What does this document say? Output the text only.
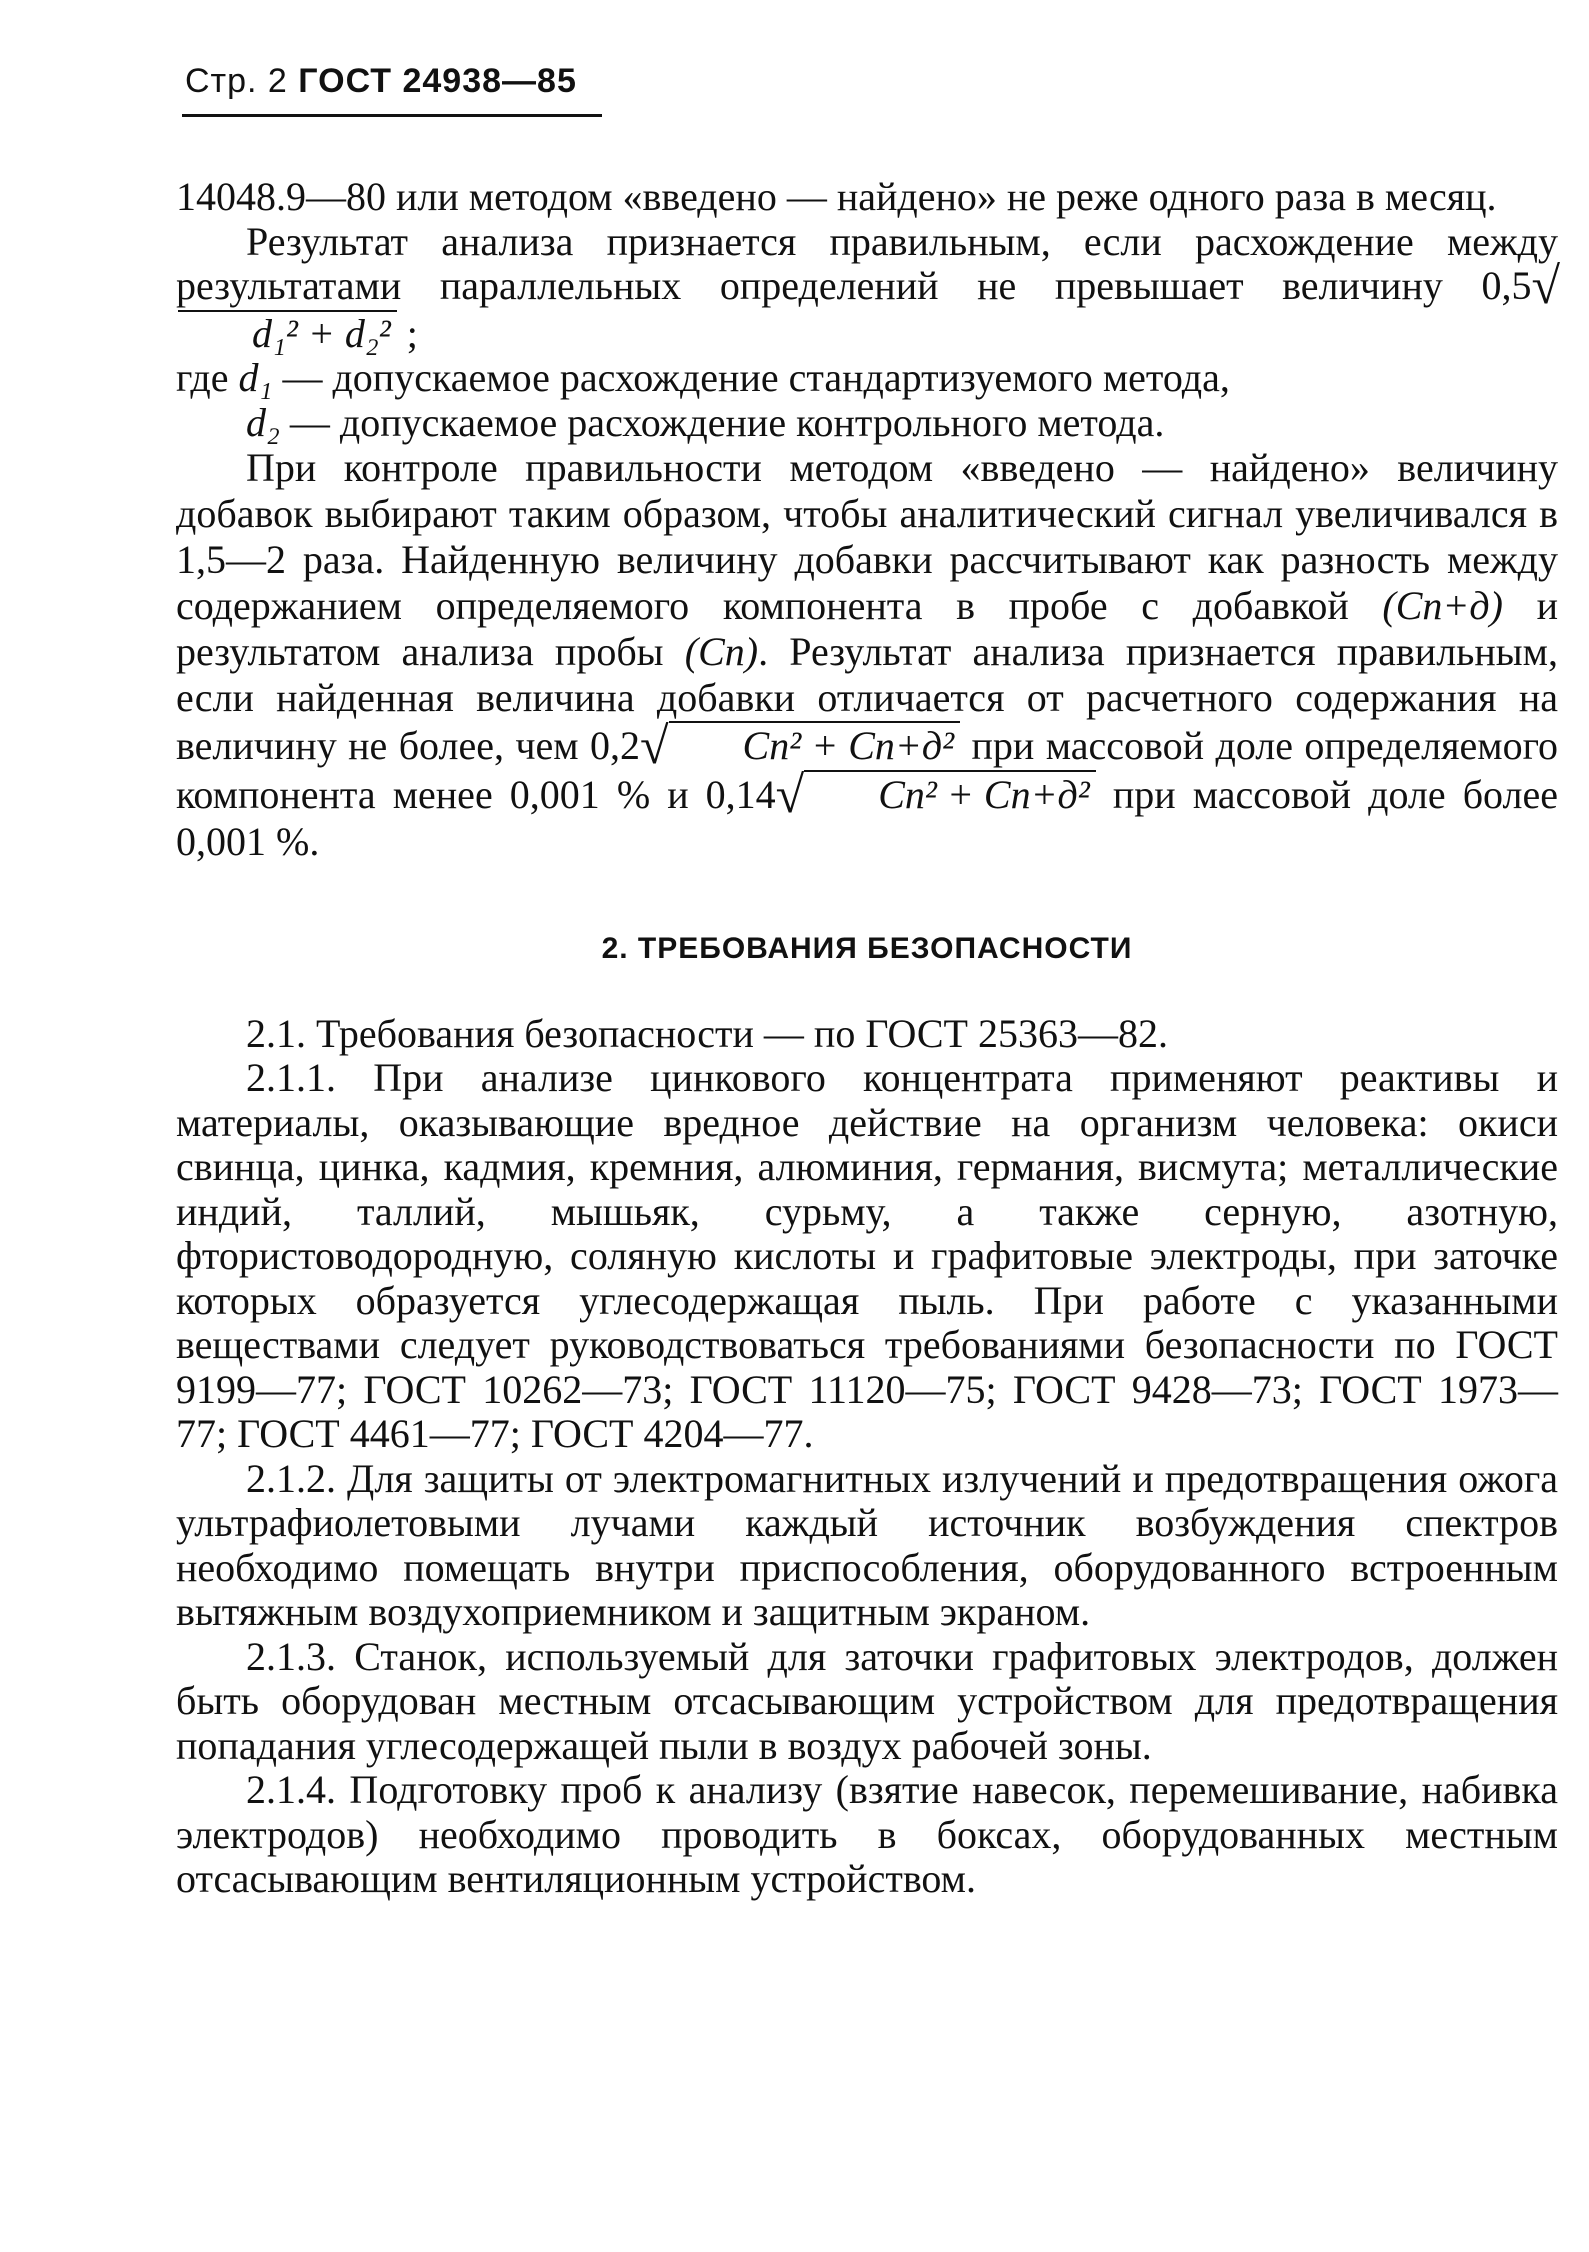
Стр. 2 ГОСТ 24938—85

14048.9—80 или методом «введено — найдено» не реже одного раза в месяц.

Результат анализа признается правильным, если расхождение между результатами параллельных определений не превышает величину 0,5√d₁² + d₂² ;

где d₁ — допускаемое расхождение стандартизуемого метода,

d₂ — допускаемое расхождение контрольного метода.

При контроле правильности методом «введено — найдено» величину добавок выбирают таким образом, чтобы аналитический сигнал увеличивался в 1,5—2 раза. Найденную величину добавки рассчитывают как разность между содержанием определяемого компонента в пробе с добавкой (Cп+д) и результатом анализа пробы (Cп). Результат анализа признается правильным, если найденная величина добавки отличается от расчетного содержания на величину не более, чем 0,2√ Cп² + Cп+д² при массовой доле определяемого компонента менее 0,001 % и 0,14√ Cп² + Cп+д² при массовой доле более 0,001 %.

2. ТРЕБОВАНИЯ БЕЗОПАСНОСТИ

2.1. Требования безопасности — по ГОСТ 25363—82.

2.1.1. При анализе цинкового концентрата применяют реактивы и материалы, оказывающие вредное действие на организм человека: окиси свинца, цинка, кадмия, кремния, алюминия, германия, висмута; металлические индий, таллий, мышьяк, сурьму, а также серную, азотную, фтористоводородную, соляную кислоты и графитовые электроды, при заточке которых образуется углесодержащая пыль. При работе с указанными веществами следует руководствоваться требованиями безопасности по ГОСТ 9199—77; ГОСТ 10262—73; ГОСТ 11120—75; ГОСТ 9428—73; ГОСТ 1973—77; ГОСТ 4461—77; ГОСТ 4204—77.

2.1.2. Для защиты от электромагнитных излучений и предотвращения ожога ультрафиолетовыми лучами каждый источник возбуждения спектров необходимо помещать внутри приспособления, оборудованного встроенным вытяжным воздухоприемником и защитным экраном.

2.1.3. Станок, используемый для заточки графитовых электродов, должен быть оборудован местным отсасывающим устройством для предотвращения попадания углесодержащей пыли в воздух рабочей зоны.

2.1.4. Подготовку проб к анализу (взятие навесок, перемешивание, набивка электродов) необходимо проводить в боксах, оборудованных местным отсасывающим вентиляционным устройством.
